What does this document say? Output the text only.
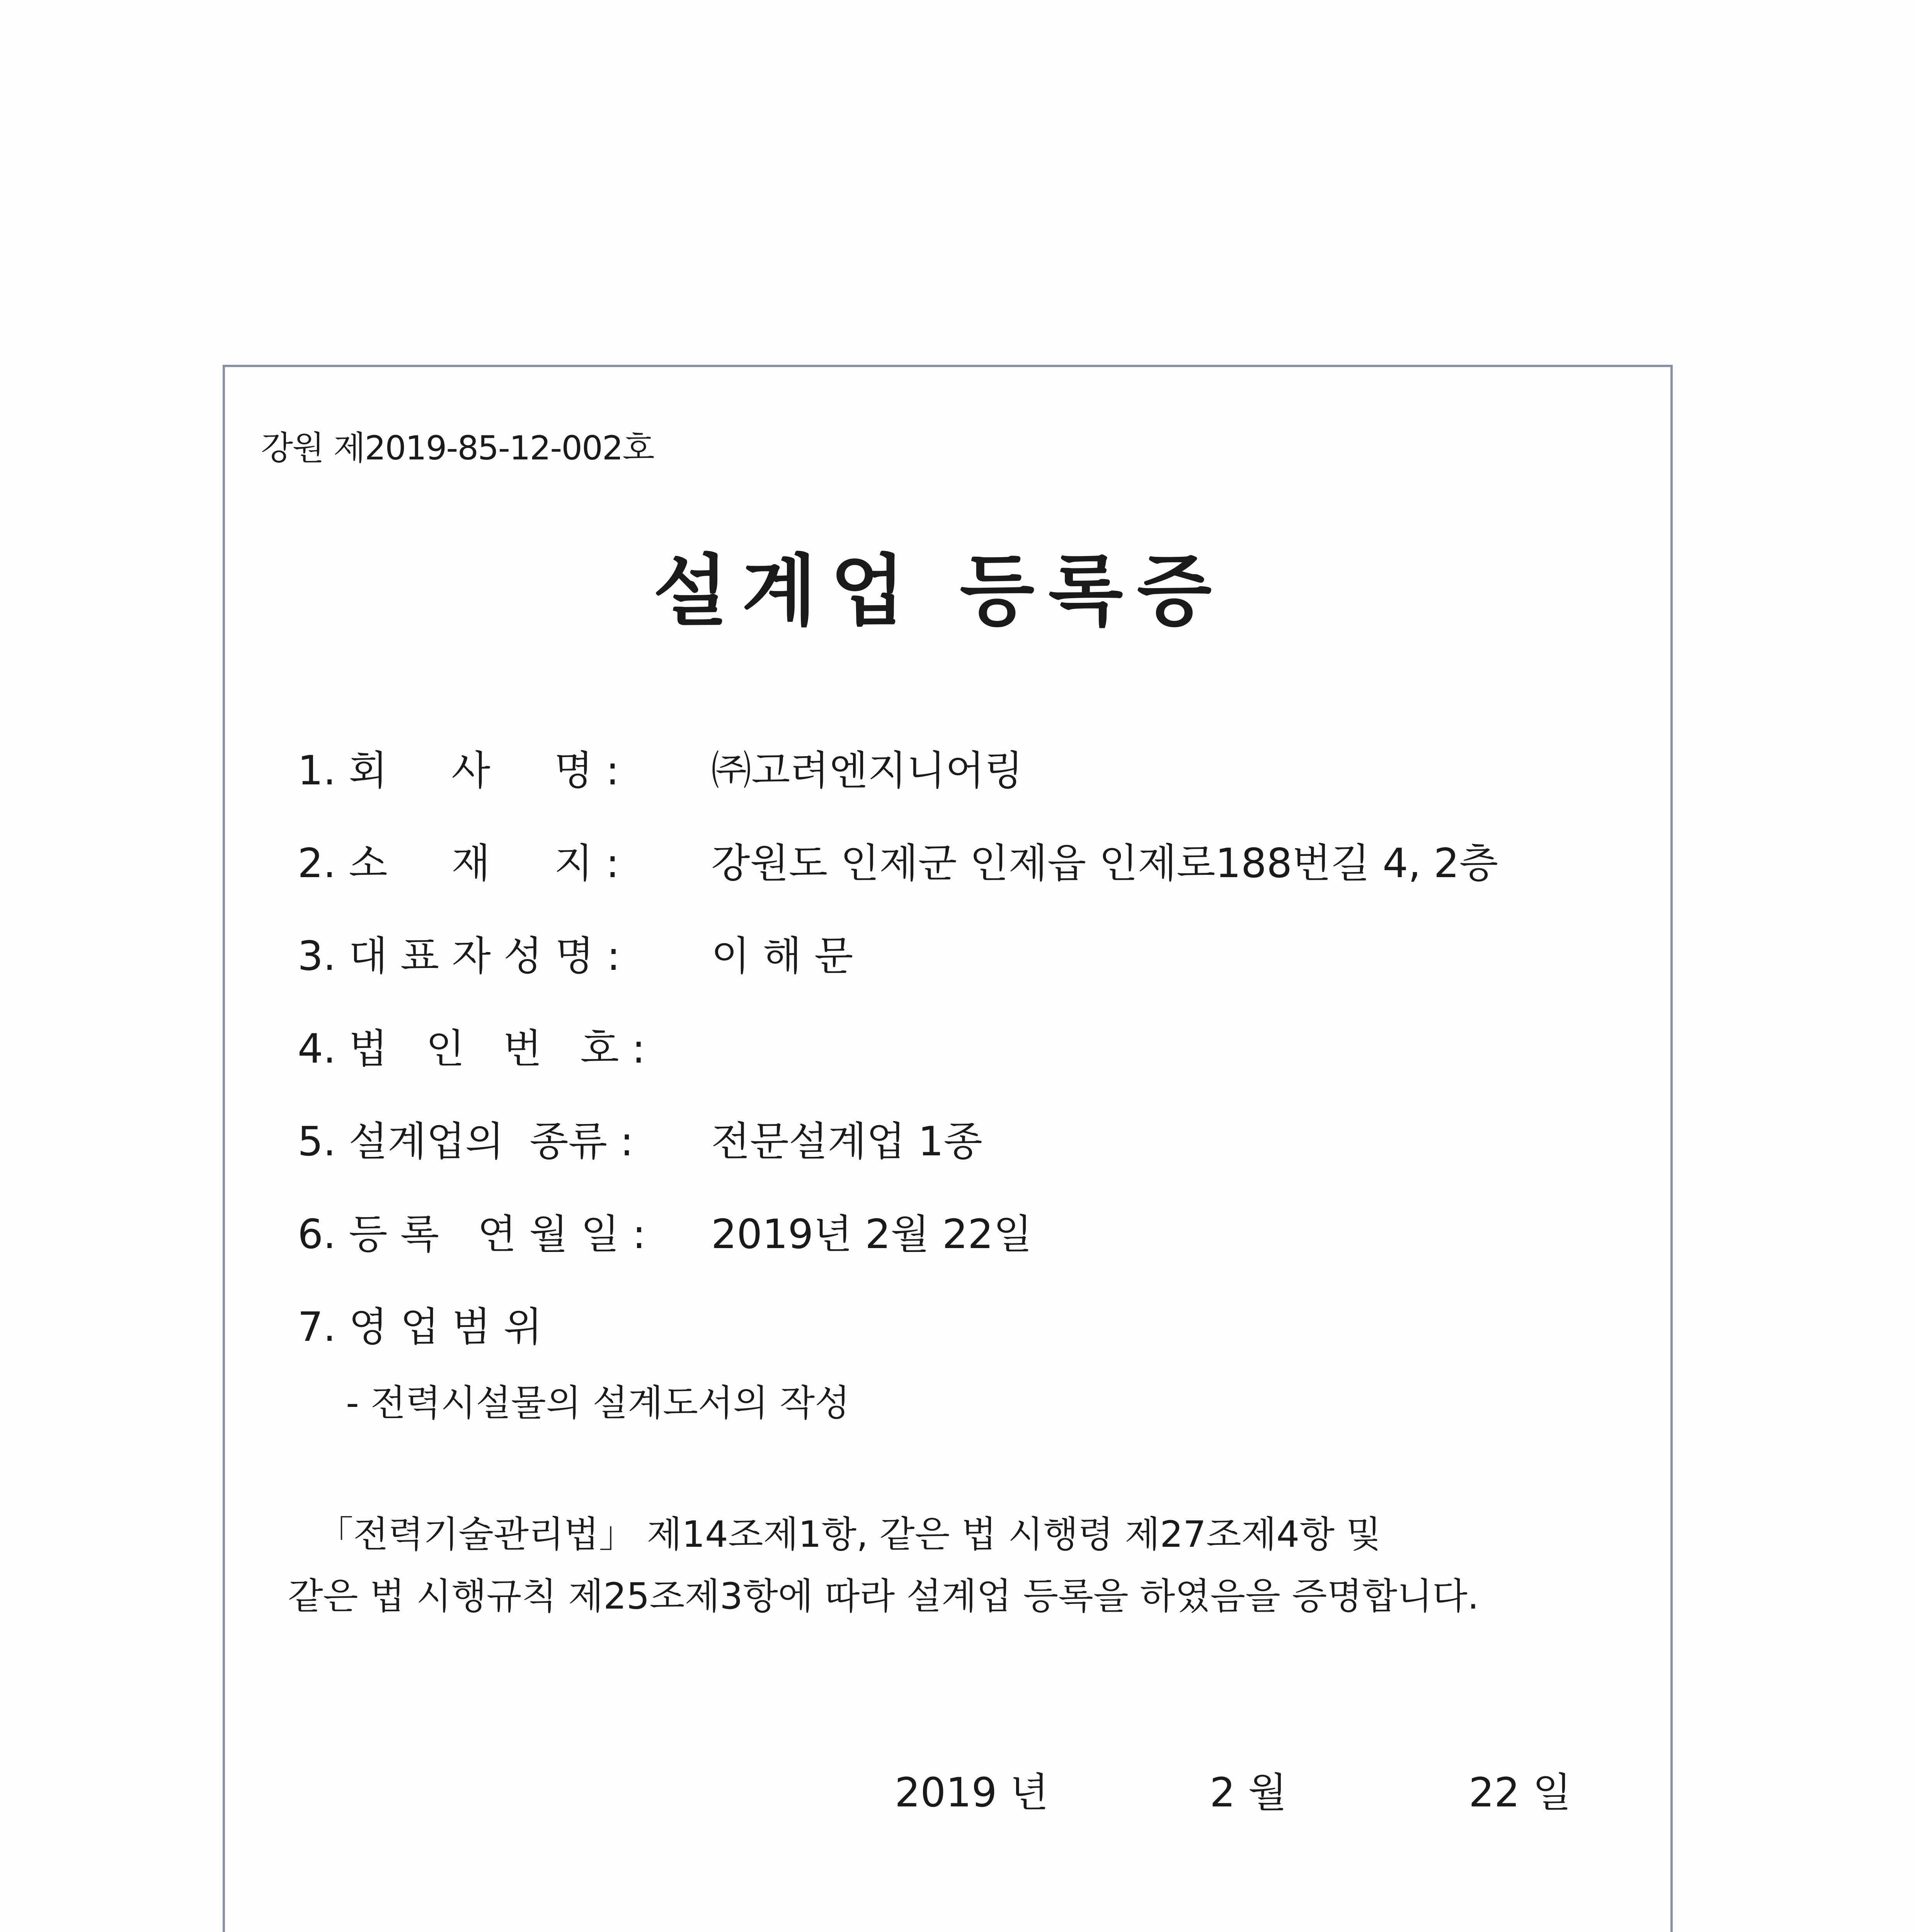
강원 제2019-85-12-002호
설계업 등록증
1. 회     사     명 : ㈜고려엔지니어링
2. 소     재     지 : 강원도 인제군 인제읍 인제로188번길 4, 2층
3. 대 표 자 성 명 : 이 해 문
4. 법   인   번   호 :
5. 설계업의  종류 : 전문설계업 1종
6. 등 록   연 월 일 : 2019년 2월 22일
7. 영 업 범 위
- 전력시설물의 설계도서의 작성
「전력기술관리법」 제14조제1항, 같은 법 시행령 제27조제4항 및
같은 법 시행규칙 제25조제3항에 따라 설계업 등록을 하였음을 증명합니다.
2019 년	2 월	22 일
